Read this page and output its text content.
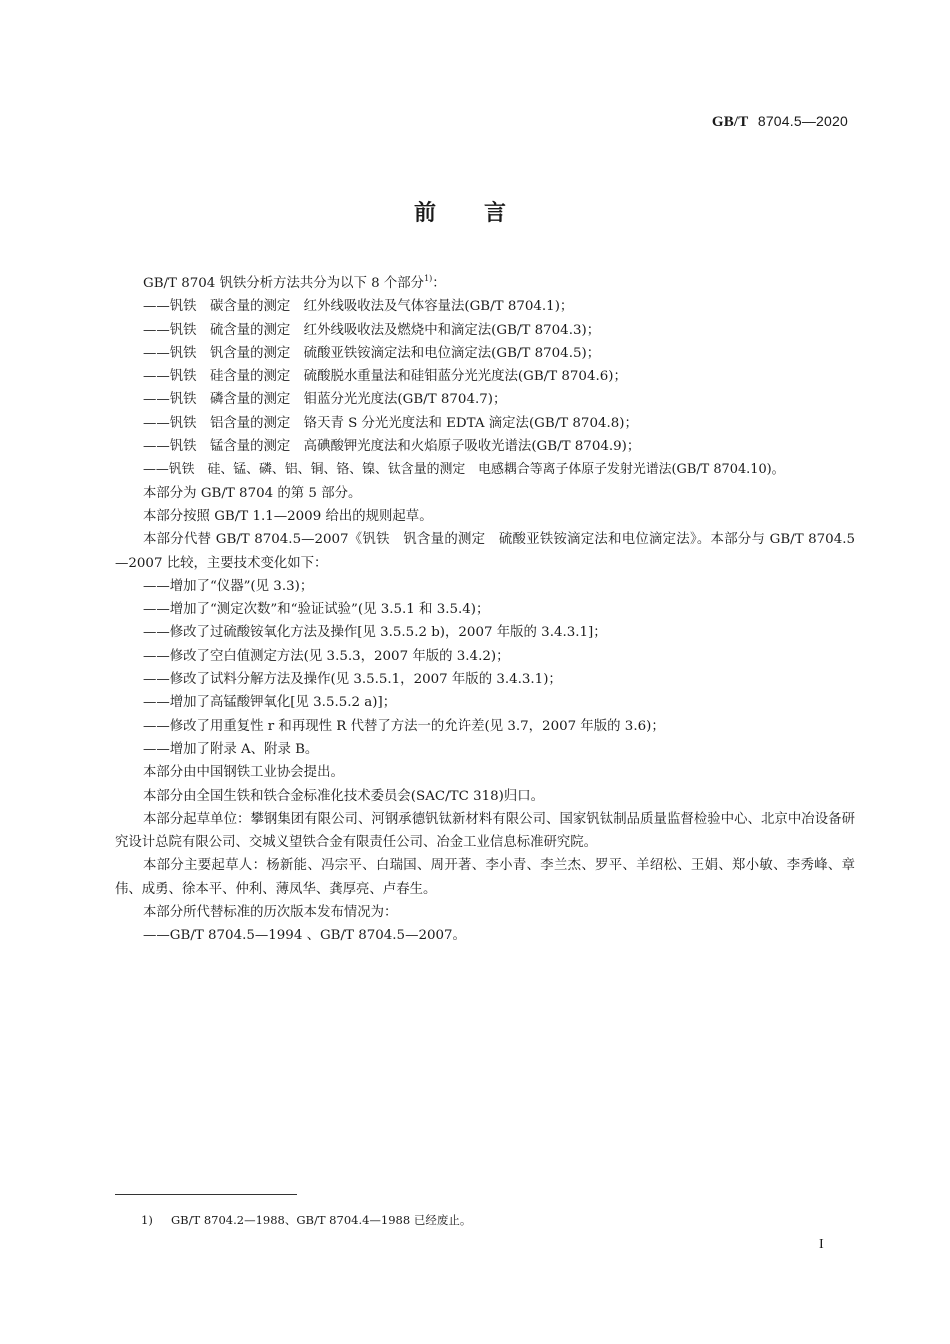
GB/T 8704.5—2020
前言

GB/T 8704 钒铁分析方法共分为以下 8 个部分$^{1)}$：

——钒铁　碳含量的测定　红外线吸收法及气体容量法(GB/T 8704.1)；

——钒铁　硫含量的测定　红外线吸收法及燃烧中和滴定法(GB/T 8704.3)；

——钒铁　钒含量的测定　硫酸亚铁铵滴定法和电位滴定法(GB/T 8704.5)；

——钒铁　硅含量的测定　硫酸脱水重量法和硅钼蓝分光光度法(GB/T 8704.6)；

——钒铁　磷含量的测定　钼蓝分光光度法(GB/T 8704.7)；

——钒铁　铝含量的测定　铬天青 S 分光光度法和 EDTA 滴定法(GB/T 8704.8)；

——钒铁　锰含量的测定　高碘酸钾光度法和火焰原子吸收光谱法(GB/T 8704.9)；

——钒铁　硅、锰、磷、铝、铜、铬、镍、钛含量的测定　电感耦合等离子体原子发射光谱法(GB/T 8704.10)。

本部分为 GB/T 8704 的第 5 部分。

本部分按照 GB/T 1.1—2009 给出的规则起草。

本部分代替 GB/T 8704.5—2007《钒铁　钒含量的测定　硫酸亚铁铵滴定法和电位滴定法》。本部分与 GB/T 8704.5—2007 比较，主要技术变化如下：

——增加了“仪器”(见 3.3)；

——增加了“测定次数”和“验证试验”(见 3.5.1 和 3.5.4)；

——修改了过硫酸铵氧化方法及操作[见 3.5.5.2 b)，2007 年版的 3.4.3.1]；

——修改了空白值测定方法(见 3.5.3，2007 年版的 3.4.2)；

——修改了试料分解方法及操作(见 3.5.5.1，2007 年版的 3.4.3.1)；

——增加了高锰酸钾氧化[见 3.5.5.2 a)]；

——修改了用重复性 r 和再现性 R 代替了方法一的允许差(见 3.7，2007 年版的 3.6)；

——增加了附录 A、附录 B。

本部分由中国钢铁工业协会提出。

本部分由全国生铁和铁合金标准化技术委员会(SAC/TC 318)归口。

本部分起草单位：攀钢集团有限公司、河钢承德钒钛新材料有限公司、国家钒钛制品质量监督检验中心、北京中冶设备研究设计总院有限公司、交城义望铁合金有限责任公司、冶金工业信息标准研究院。

本部分主要起草人：杨新能、冯宗平、白瑞国、周开著、李小青、李兰杰、罗平、羊绍松、王娟、郑小敏、李秀峰、章伟、成勇、徐本平、仲利、薄凤华、龚厚亮、卢春生。

本部分所代替标准的历次版本发布情况为：

——GB/T 8704.5—1994 、GB/T 8704.5—2007。

1) GB/T 8704.2—1988、GB/T 8704.4—1988 已经废止。
I
